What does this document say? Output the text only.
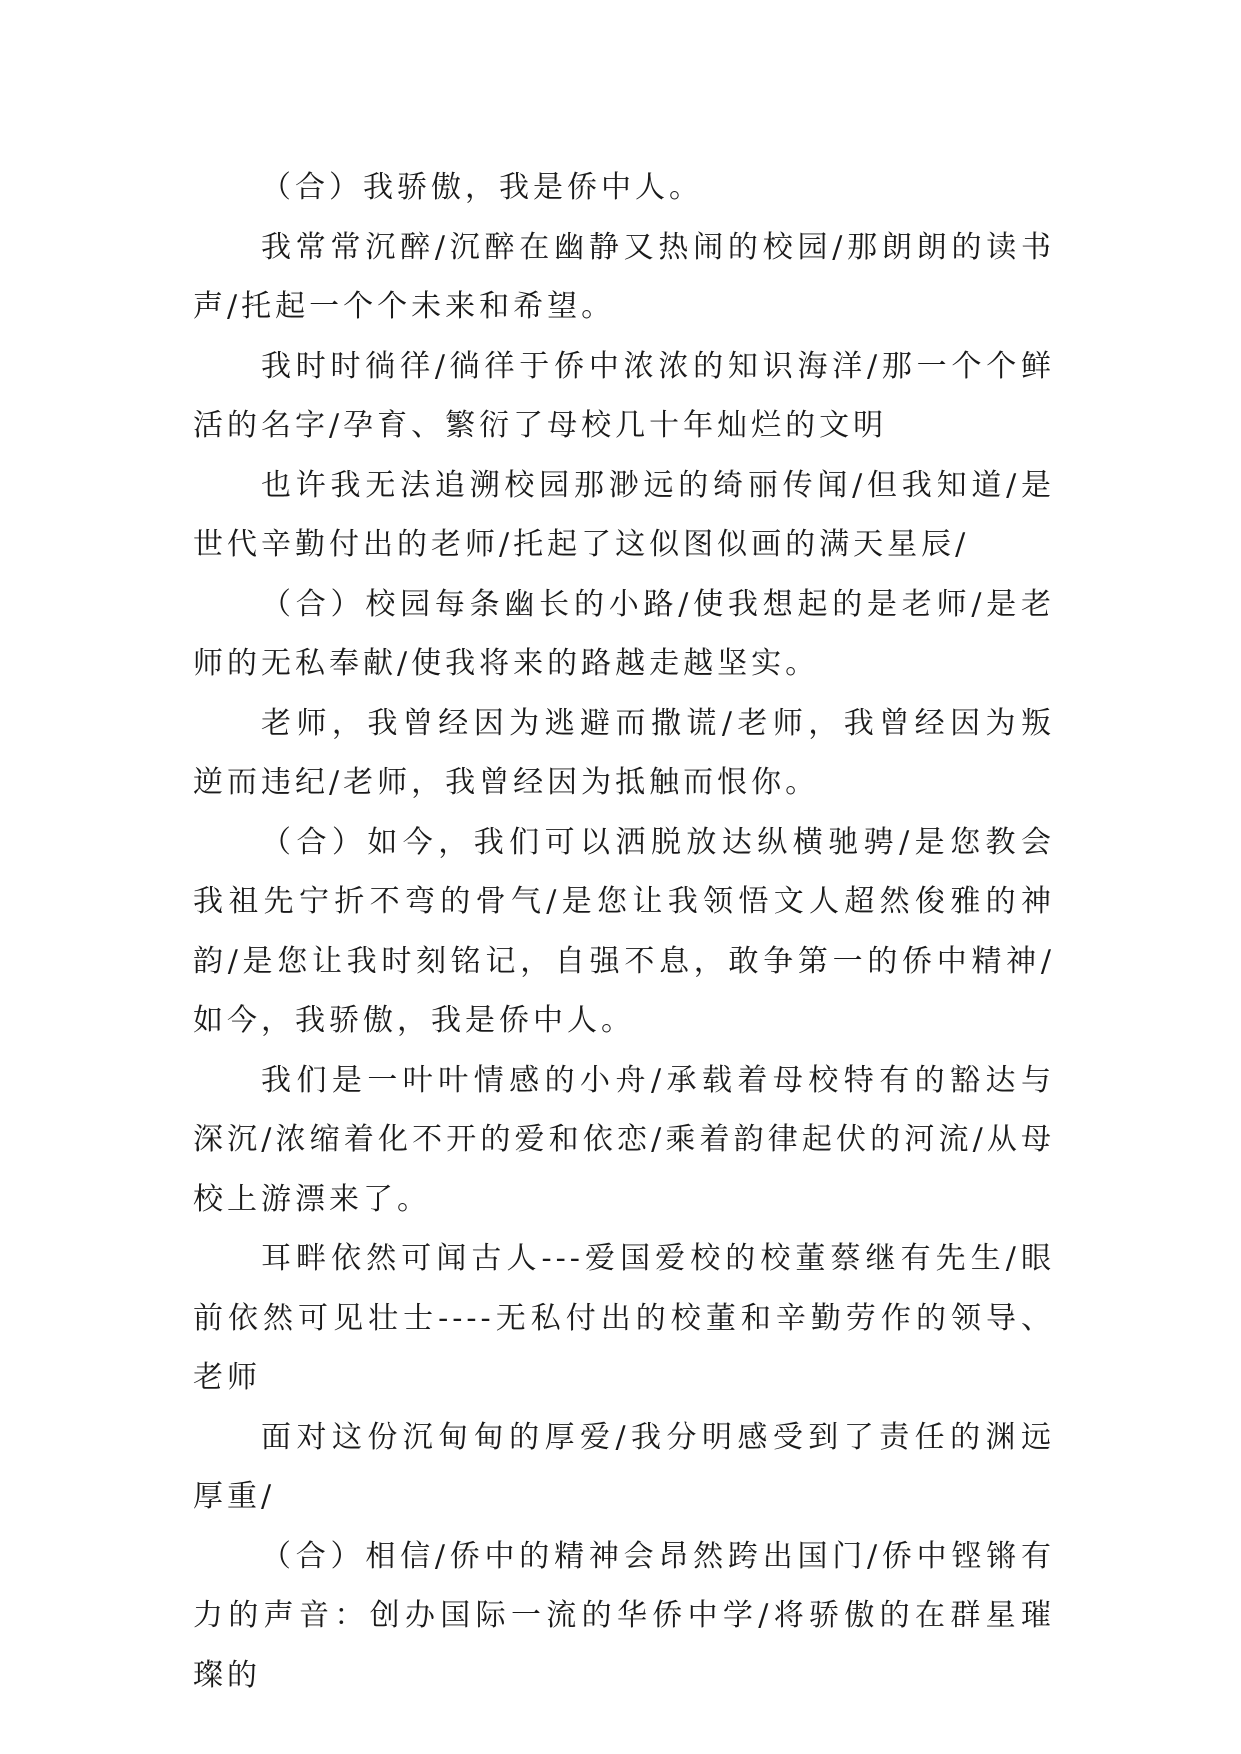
（合）我骄傲，我是侨中人。

我常常沉醉/沉醉在幽静又热闹的校园/那朗朗的读书声/托起一个个未来和希望。

我时时徜徉/徜徉于侨中浓浓的知识海洋/那一个个鲜活的名字/孕育、繁衍了母校几十年灿烂的文明

也许我无法追溯校园那渺远的绮丽传闻/但我知道/是世代辛勤付出的老师/托起了这似图似画的满天星辰/

（合）校园每条幽长的小路/使我想起的是老师/是老师的无私奉献/使我将来的路越走越坚实。

老师，我曾经因为逃避而撒谎/老师，我曾经因为叛逆而违纪/老师，我曾经因为抵触而恨你。

（合）如今，我们可以洒脱放达纵横驰骋/是您教会我祖先宁折不弯的骨气/是您让我领悟文人超然俊雅的神韵/是您让我时刻铭记，自强不息，敢争第一的侨中精神/如今，我骄傲，我是侨中人。

我们是一叶叶情感的小舟/承载着母校特有的豁达与深沉/浓缩着化不开的爱和依恋/乘着韵律起伏的河流/从母校上游漂来了。

耳畔依然可闻古人---爱国爱校的校董蔡继有先生/眼前依然可见壮士----无私付出的校董和辛勤劳作的领导、老师

面对这份沉甸甸的厚爱/我分明感受到了责任的渊远厚重/

（合）相信/侨中的精神会昂然跨出国门/侨中铿锵有力的声音：创办国际一流的华侨中学/将骄傲的在群星璀璨的
